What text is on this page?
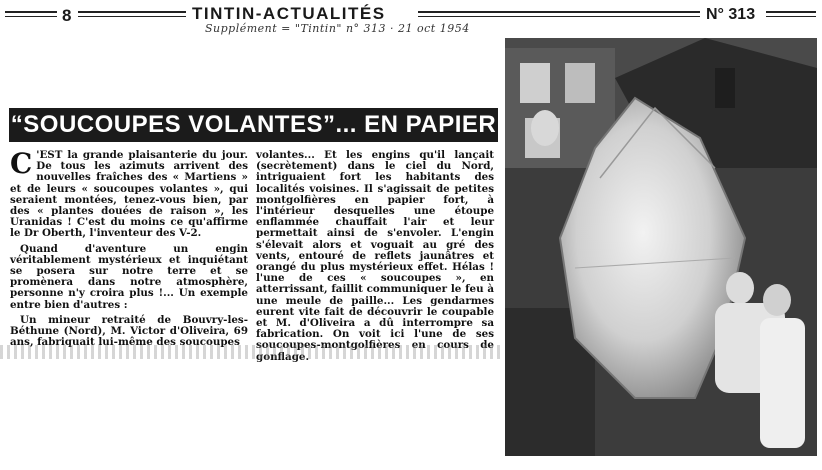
8	TINTIN-ACTUALITÉS	N° 313
Supplément = "Tintin" n° 313 · 21 oct 1954
“SOUCOUPES VOLANTES”... EN PAPIER
C 'EST la grande plaisanterie du jour. De tous les azimuts arrivent des nouvelles fraîches des « Martiens » et de leurs « soucoupes volantes », qui seraient montées, tenez-vous bien, par des « plantes douées de raison », les Uranidas ! C'est du moins ce qu'affirme le Dr Oberth, l'inventeur des V-2.

Quand d'aventure un engin véritablement mystérieux et inquiétant se posera sur notre terre et se promènera dans notre atmosphère, personne n'y croira plus !... Un exemple entre bien d'autres :

Un mineur retraité de Bouvry-les-Béthune (Nord), M. Victor d'Oliveira, 69 ans, fabriquait lui-même des soucoupes

volantes... Et les engins qu'il lançait (secrètement) dans le ciel du Nord, intriguaient fort les habitants des localités voisines. Il s'agissait de petites montgolfières en papier fort, à l'intérieur desquelles une étoupe enflammée chauffait l'air et leur permettait ainsi de s'envoler. L'engin s'élevait alors et voguait au gré des vents, entouré de reflets jaunâtres et orangé du plus mystérieux effet. Hélas ! l'une de ces « soucoupes », en atterrissant, faillit communiquer le feu à une meule de paille... Les gendarmes eurent vite fait de découvrir le coupable et M. d'Oliveira a dû interrompre sa fabrication. On voit ici l'une de ses soucoupes-montgolfières en cours de gonflage.
